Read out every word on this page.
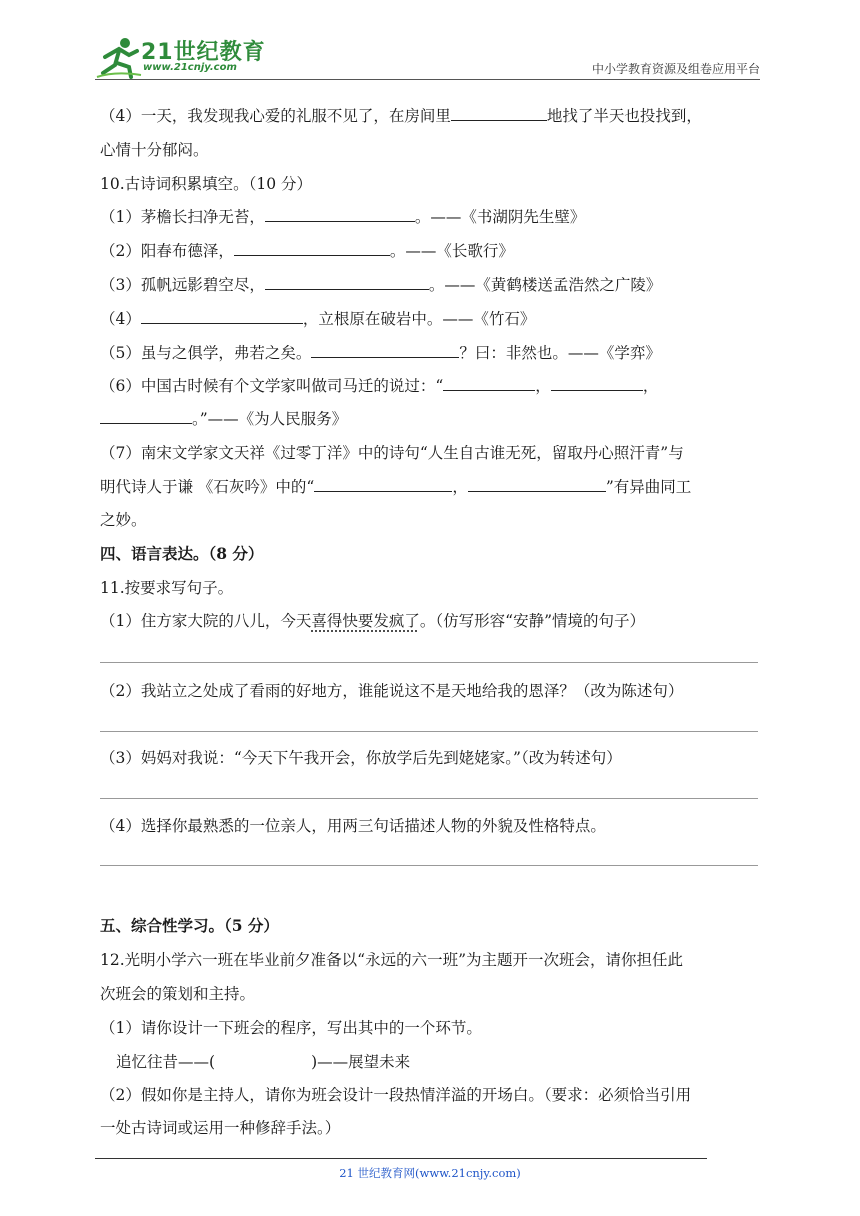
21世纪教育
www.21cnjy.com	中小学教育资源及组卷应用平台
（4）一天，我发现我心爱的礼服不见了，在房间里	地找了半天也投找到，
心情十分郁闷。
10.古诗词积累填空。（10 分）
（1）茅檐长扫净无苔，	。——《书湖阴先生壁》
（2）阳春布德泽，	。——《长歌行》
（3）孤帆远影碧空尽，	。——《黄鹤楼送孟浩然之广陵》
（4）	，立根原在破岩中。——《竹石》
（5）虽与之俱学，弗若之矣。	？曰：非然也。——《学弈》
（6）中国古时候有个文学家叫做司马迁的说过：“	，	，
。”——《为人民服务》
（7）南宋文学家文天祥《过零丁洋》中的诗句“人生自古谁无死，留取丹心照汗青”与
明代诗人于谦 《石灰吟》中的“	，	”有异曲同工
之妙。
四、语言表达。（8 分）
11.按要求写句子。
（1）住方家大院的八儿，今天喜得快要发疯了。（仿写形容“安静”情境的句子）
（2）我站立之处成了看雨的好地方，谁能说这不是天地给我的恩泽？（改为陈述句）
（3）妈妈对我说：“今天下午我开会，你放学后先到姥姥家。”（改为转述句）
（4）选择你最熟悉的一位亲人，用两三句话描述人物的外貌及性格特点。
五、综合性学习。（5 分）
12.光明小学六一班在毕业前夕准备以“永远的六一班”为主题开一次班会，请你担任此
次班会的策划和主持。
（1）请你设计一下班会的程序，写出其中的一个环节。
追忆往昔——(	)——展望未来
（2）假如你是主持人，请你为班会设计一段热情洋溢的开场白。（要求：必须恰当引用
一处古诗词或运用一种修辞手法。）
21 世纪教育网(www.21cnjy.com)
